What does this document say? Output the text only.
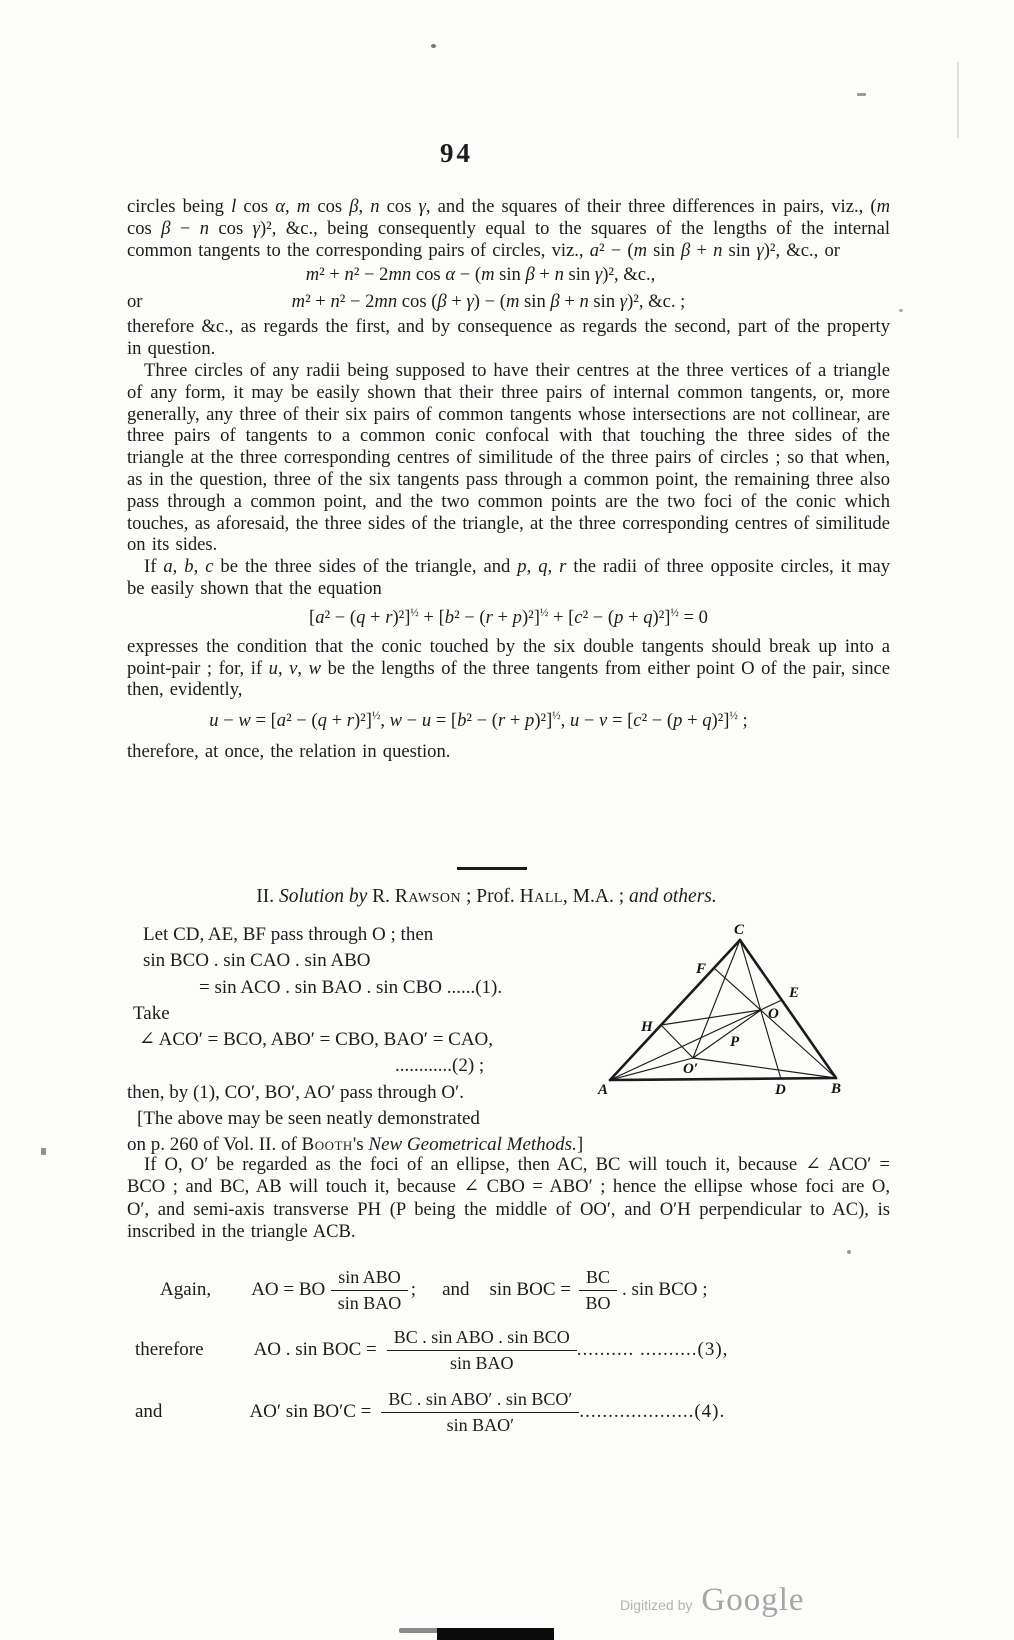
94
circles being l cos α, m cos β, n cos γ, and the squares of their three differences in pairs, viz., (m cos β − n cos γ)², &c., being consequently equal to the squares of the lengths of the internal common tangents to the corresponding pairs of circles, viz., a² − (m sin β + n sin γ)², &c., or
m² + n² − 2mn cos α − (m sin β + n sin γ)², &c.,
or	m² + n² − 2mn cos (β + γ) − (m sin β + n sin γ)², &c. ;
therefore &c., as regards the first, and by consequence as regards the second, part of the property in question.
Three circles of any radii being supposed to have their centres at the three vertices of a triangle of any form, it may be easily shown that their three pairs of internal common tangents, or, more generally, any three of their six pairs of common tangents whose intersections are not collinear, are three pairs of tangents to a common conic confocal with that touching the three sides of the triangle at the three corresponding centres of similitude of the three pairs of circles ; so that when, as in the question, three of the six tangents pass through a common point, the remaining three also pass through a common point, and the two common points are the two foci of the conic which touches, as aforesaid, the three sides of the triangle, at the three corresponding centres of similitude on its sides.
If a, b, c be the three sides of the triangle, and p, q, r the radii of three opposite circles, it may be easily shown that the equation
$[a^2 - (q + r)^2]^{\frac{1}{2}} + [b^2 - (r + p)^2]^{\frac{1}{2}} + [c^2 - (p + q)^2]^{\frac{1}{2}} = 0$
expresses the condition that the conic touched by the six double tangents should break up into a point-pair ; for, if u, v, w be the lengths of the three tangents from either point O of the pair, since then, evidently,
$u - w = [a^2 - (q + r)^2]^{\frac{1}{2}}$, $w - u = [b^2 - (r + p)^2]^{\frac{1}{2}}$, $u - v = [c^2 - (p + q)^2]^{\frac{1}{2}}$ ;
therefore, at once, the relation in question.
II. Solution by R. Rawson ; Prof. Hall, M.A. ; and others.
Let CD, AE, BF pass through O ; then
sin BCO . sin CAO . sin ABO
= sin ACO . sin BAO . sin CBO ......(1).
Take
∠ ACO′ = BCO, ABO′ = CBO, BAO′ = CAO,
............(2) ;
then, by (1), CO′, BO′, AO′ pass through O′.
[The above may be seen neatly demonstrated
on p. 260 of Vol. II. of Booth's New Geometrical Methods.]
C
F
E
O
H
P
O′
A	D	B
If O, O′ be regarded as the foci of an ellipse, then AC, BC will touch it, because ∠ ACO′ = BCO ; and BC, AB will touch it, because ∠ CBO = ABO′ ; hence the ellipse whose foci are O, O′, and semi-axis transverse PH (P being the middle of OO′, and O′H perpendicular to AC), is inscribed in the triangle ACB.
Again, AO = BO $\frac{\text{sin ABO}}{\text{sin BAO}}$ ; and sin BOC = $\frac{BC}{BO}$ . sin BCO ;
therefore	AO . sin BOC = $\frac{\text{BC . sin ABO . sin BCO}}{\text{sin BAO}}$ .......... ..........(3),
and	AO′ $\sin BO'C = \frac{\text{BC . sin ABO′ . sin BCO′}}{\text{sin BAO′}} ....................(4)$.
Digitized by Google
